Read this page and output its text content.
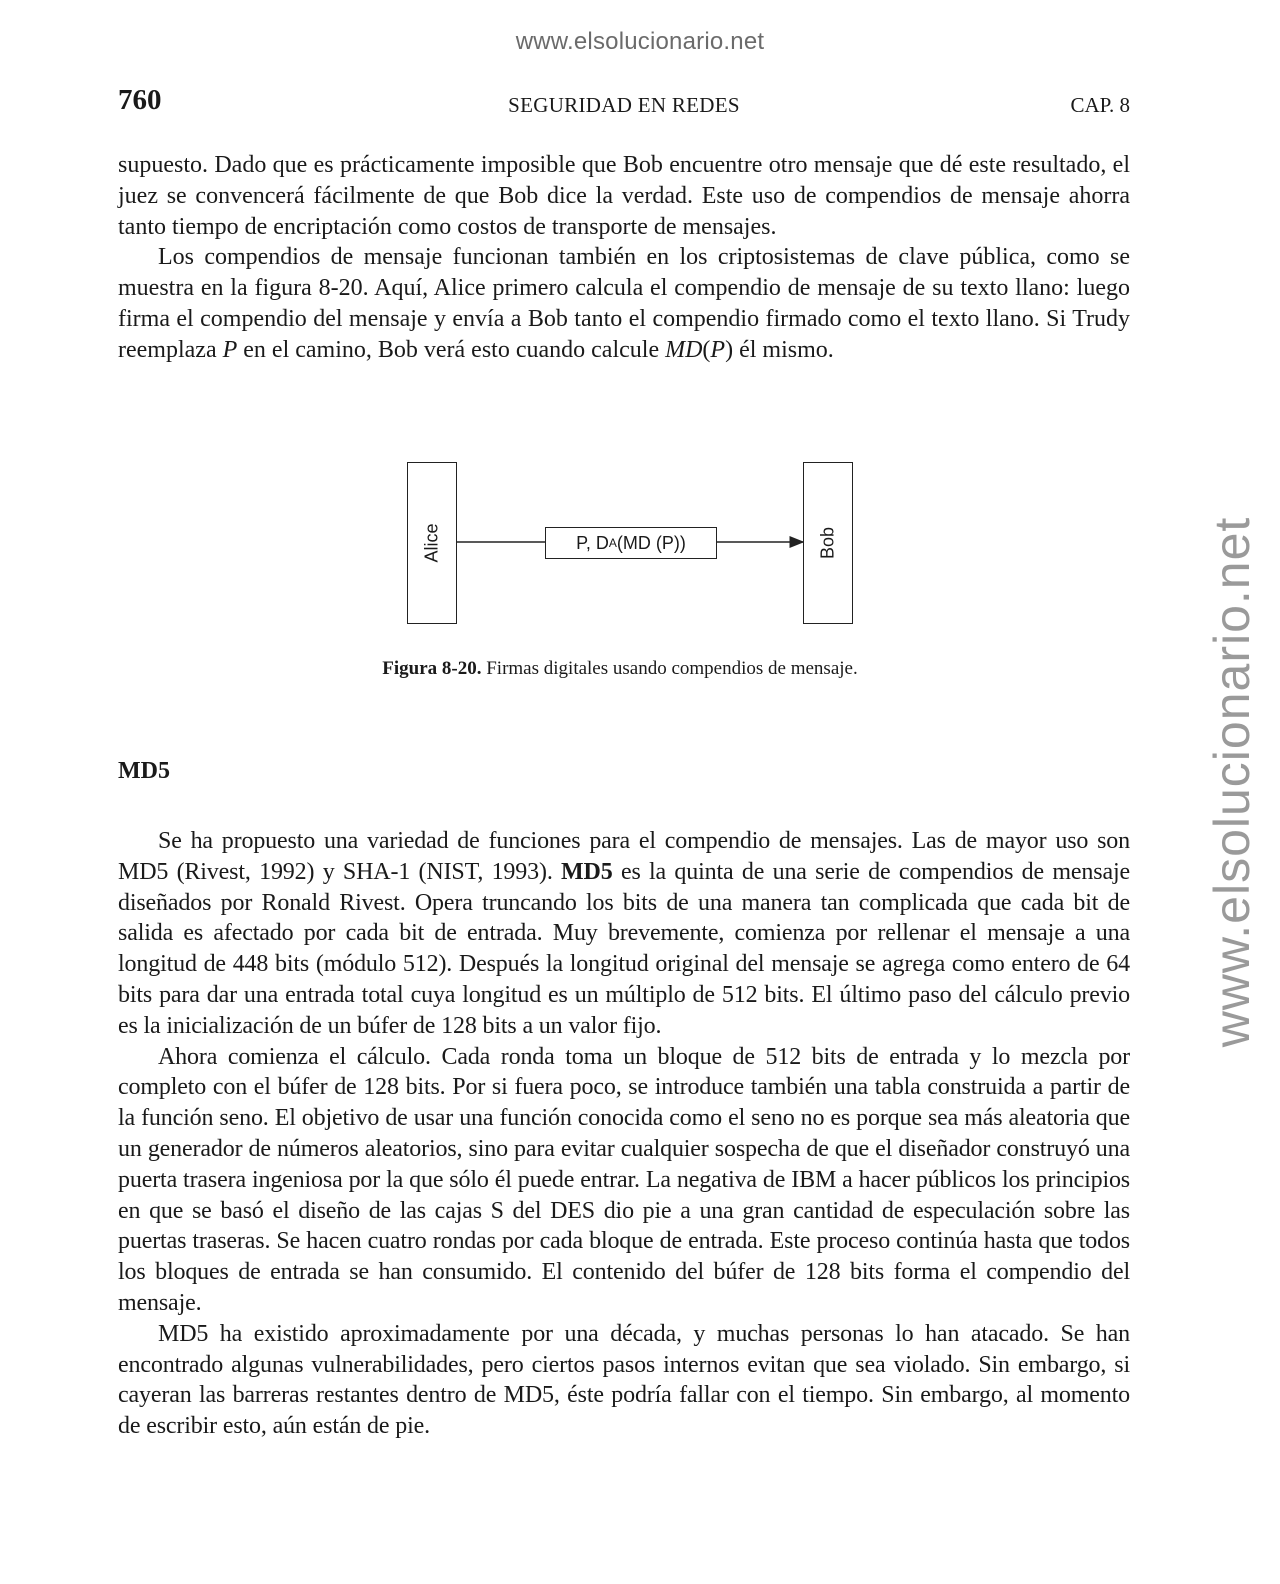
www.elsolucionario.net
www.elsolucionario.net
760	SEGURIDAD EN REDES	CAP. 8

supuesto. Dado que es prácticamente imposible que Bob encuentre otro mensaje que dé este resultado, el juez se convencerá fácilmente de que Bob dice la verdad. Este uso de compendios de mensaje ahorra tanto tiempo de encriptación como costos de transporte de mensajes.

Los compendios de mensaje funcionan también en los criptosistemas de clave pública, como se muestra en la figura 8-20. Aquí, Alice primero calcula el compendio de mensaje de su texto llano: luego firma el compendio del mensaje y envía a Bob tanto el compendio firmado como el texto llano. Si Trudy reemplaza P en el camino, Bob verá esto cuando calcule MD(P) él mismo.

Alice	P, D A (MD (P))	Bob
Figura 8-20. Firmas digitales usando compendios de mensaje.
MD5

Se ha propuesto una variedad de funciones para el compendio de mensajes. Las de mayor uso son MD5 (Rivest, 1992) y SHA-1 (NIST, 1993). MD5 es la quinta de una serie de compendios de mensaje diseñados por Ronald Rivest. Opera truncando los bits de una manera tan complicada que cada bit de salida es afectado por cada bit de entrada. Muy brevemente, comienza por rellenar el mensaje a una longitud de 448 bits (módulo 512). Después la longitud original del mensaje se agrega como entero de 64 bits para dar una entrada total cuya longitud es un múltiplo de 512 bits. El último paso del cálculo previo es la inicialización de un búfer de 128 bits a un valor fijo.

Ahora comienza el cálculo. Cada ronda toma un bloque de 512 bits de entrada y lo mezcla por completo con el búfer de 128 bits. Por si fuera poco, se introduce también una tabla construida a partir de la función seno. El objetivo de usar una función conocida como el seno no es porque sea más aleatoria que un generador de números aleatorios, sino para evitar cualquier sospecha de que el diseñador construyó una puerta trasera ingeniosa por la que sólo él puede entrar. La negativa de IBM a hacer públicos los principios en que se basó el diseño de las cajas S del DES dio pie a una gran cantidad de especulación sobre las puertas traseras. Se hacen cuatro rondas por cada bloque de entrada. Este proceso continúa hasta que todos los bloques de entrada se han consumido. El contenido del búfer de 128 bits forma el compendio del mensaje.

MD5 ha existido aproximadamente por una década, y muchas personas lo han atacado. Se han encontrado algunas vulnerabilidades, pero ciertos pasos internos evitan que sea violado. Sin embargo, si cayeran las barreras restantes dentro de MD5, éste podría fallar con el tiempo. Sin embargo, al momento de escribir esto, aún están de pie.
